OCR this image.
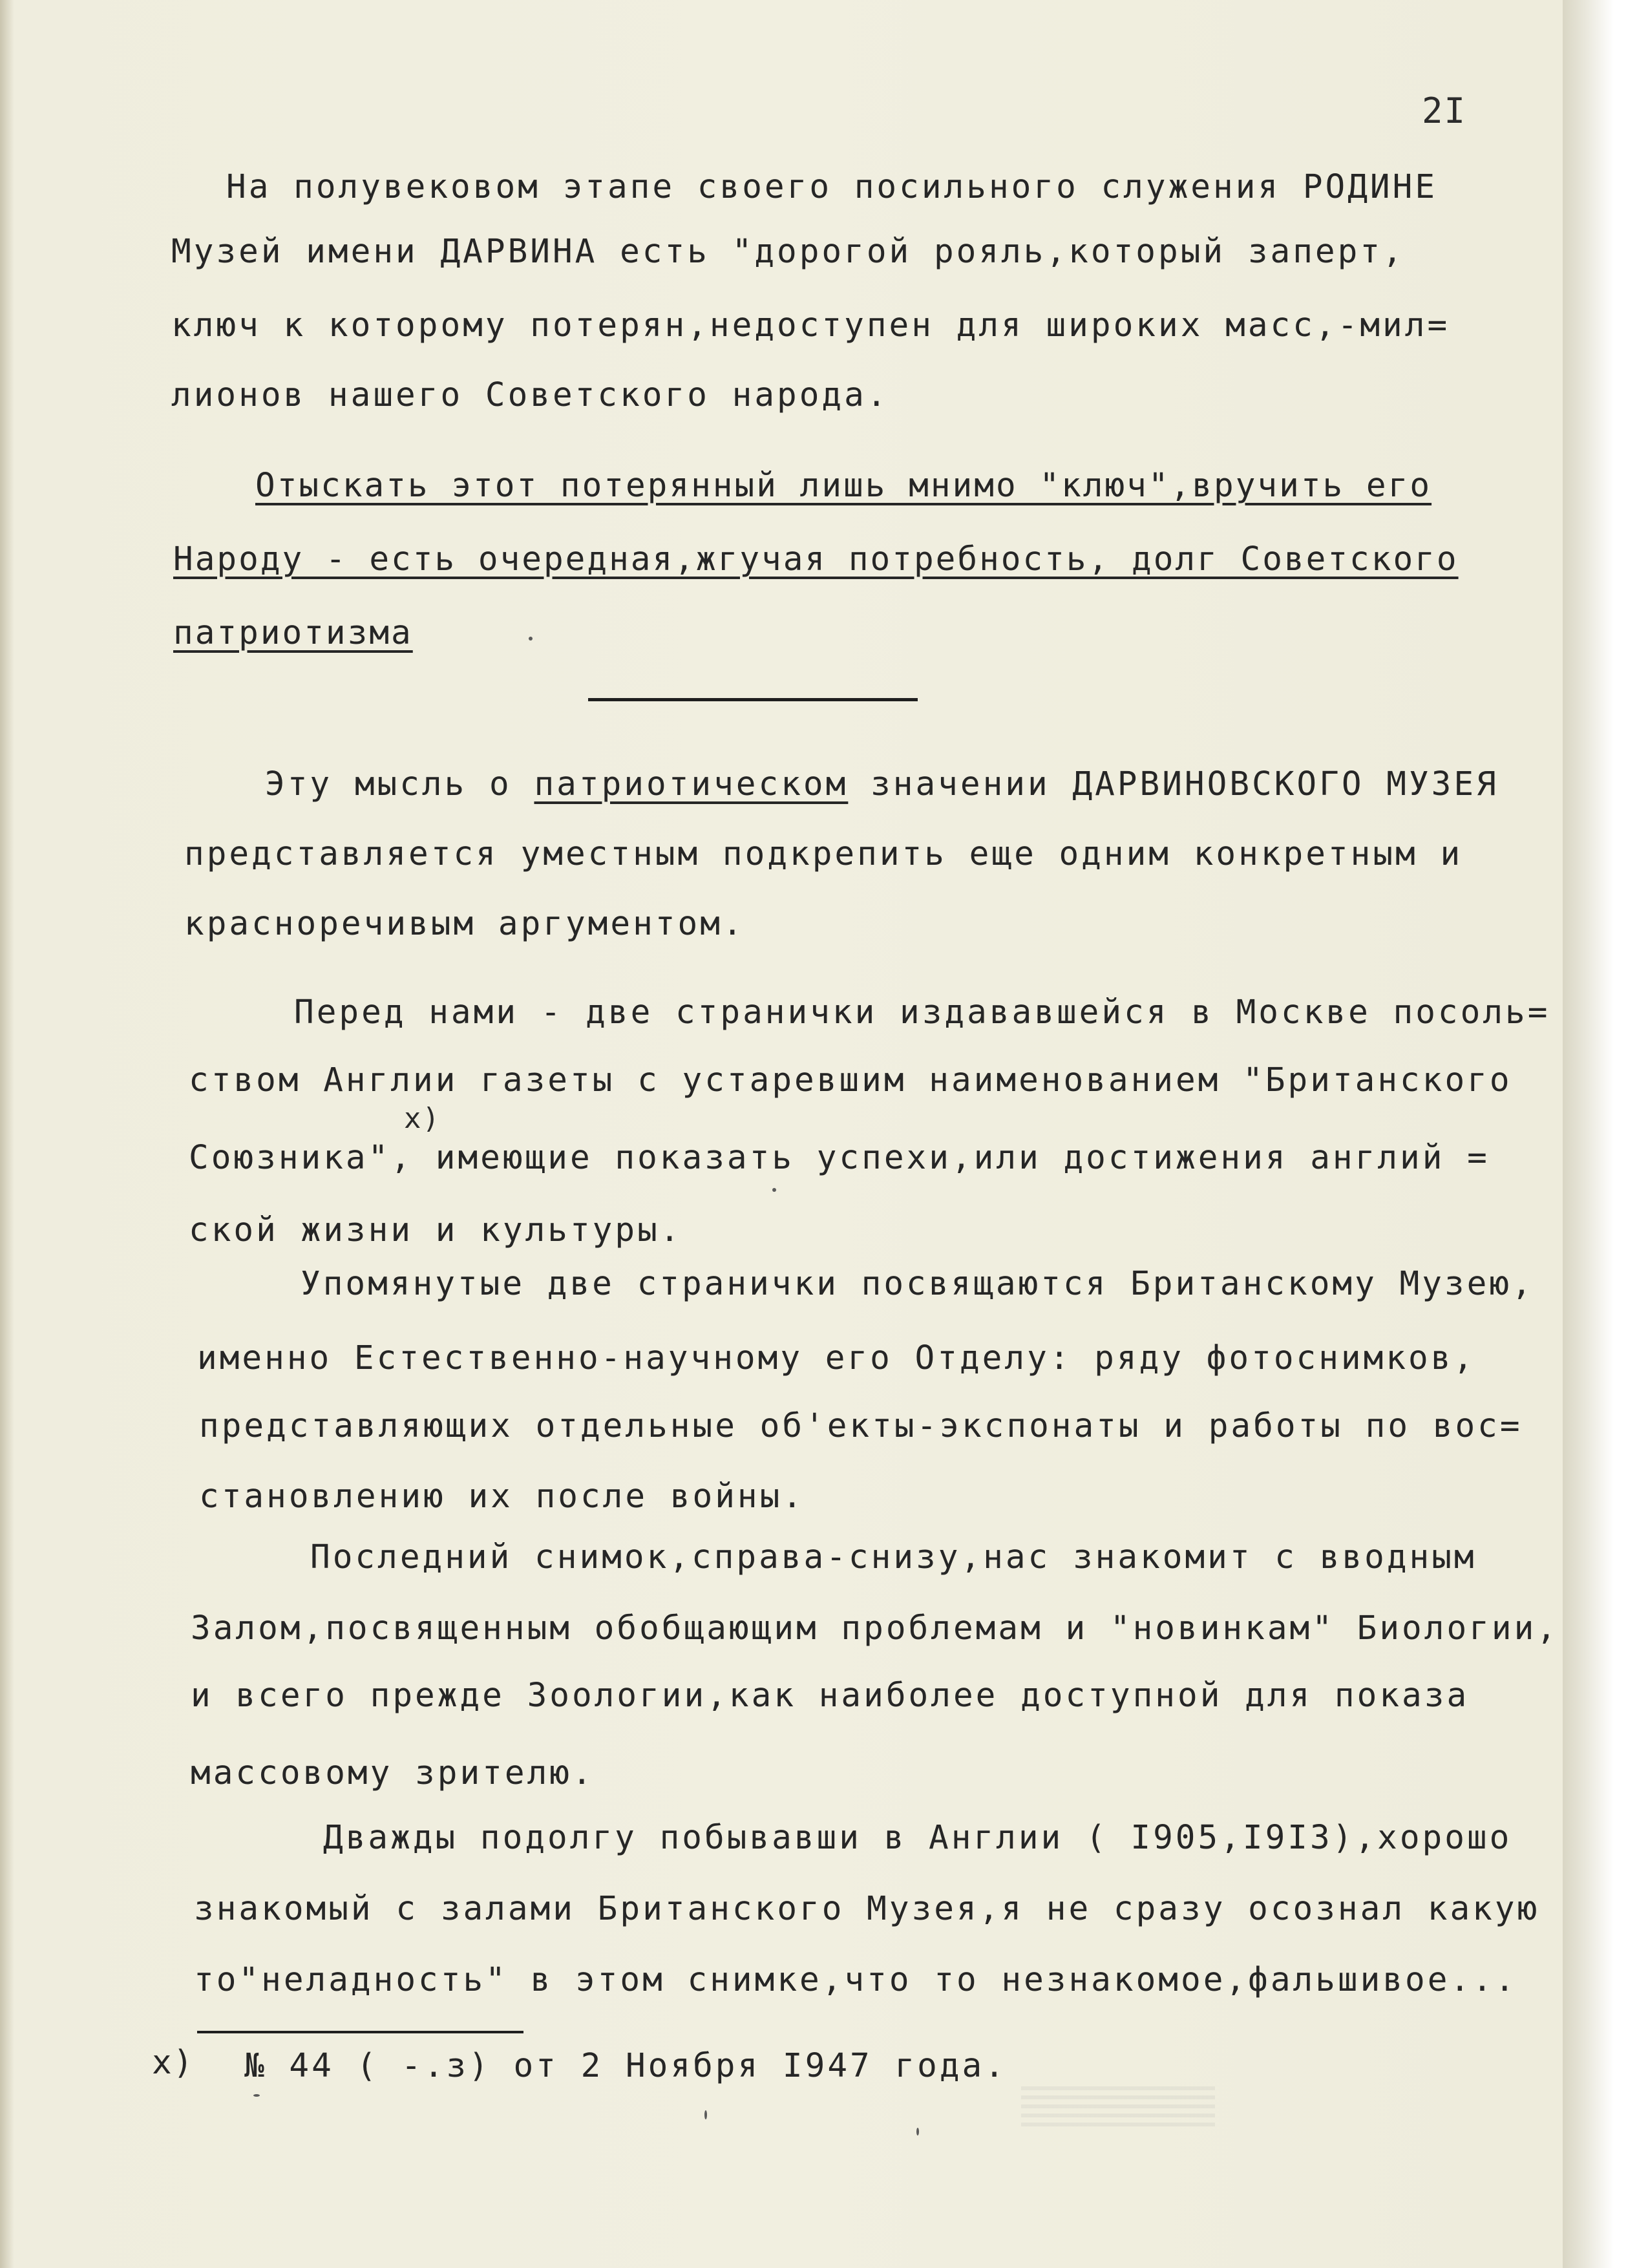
2I
На полувековом этапе своего посильного служения РОДИНЕ
Музей имени ДАРВИНА есть "дорогой рояль,который заперт,
ключ к которому потерян,недоступен для широких масс,-мил=
лионов нашего Советского народа.
Отыскать этот потерянный лишь мнимо "ключ",вручить его
Народу - есть очередная,жгучая потребность, долг Советского
патриотизма
Эту мысль о патриотическом значении ДАРВИНОВСКОГО МУЗЕЯ
представляется уместным подкрепить еще одним конкретным и
красноречивым аргументом.
Перед нами - две странички издававшейся в Москве посоль=
ством Англии газеты с устаревшим наименованием "Британского
x)
Союзника", имеющие показать успехи,или достижения англий =
ской жизни и культуры.
Упомянутые две странички посвящаются Британскому Музею,
именно Естественно-научному его Отделу: ряду фотоснимков,
представляющих отдельные об'екты-экспонаты и работы по вос=
становлению их после войны.
Последний снимок,справа-снизу,нас знакомит с вводным
Залом,посвященным обобщающим проблемам и "новинкам" Биологии,
и всего прежде Зоологии,как наиболее доступной для показа
массовому зрителю.
Дважды подолгу побывавши в Англии ( I905,I9I3),хорошо
знакомый с залами Британского Музея,я не сразу осознал какую
то"неладность" в этом снимке,что то незнакомое,фальшивое...
x) № 44 ( -.з) от 2 Ноября I947 года.
